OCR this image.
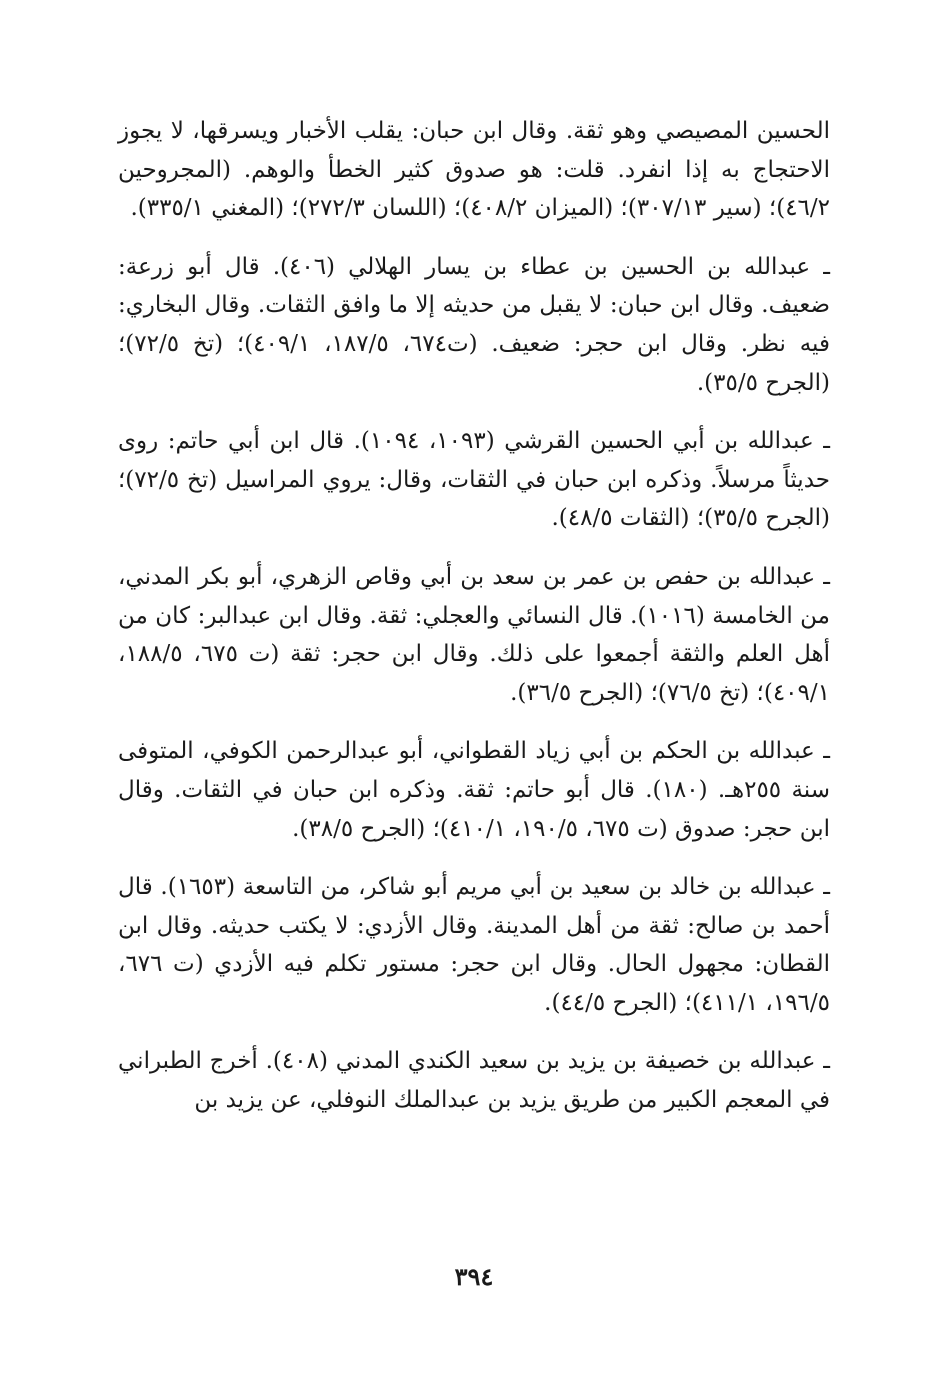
الحسين المصيصي وهو ثقة. وقال ابن حبان: يقلب الأخبار ويسرقها، لا يجوز الاحتجاج به إذا انفرد. قلت: هو صدوق كثير الخطأ والوهم. (المجروحين ٤٦/٢)؛ (سير ٣٠٧/١٣)؛ (الميزان ٤٠٨/٢)؛ (اللسان ٢٧٢/٣)؛ (المغني ٣٣٥/١).

ـ عبدالله بن الحسين بن عطاء بن يسار الهلالي (٤٠٦). قال أبو زرعة: ضعيف. وقال ابن حبان: لا يقبل من حديثه إلا ما وافق الثقات. وقال البخاري: فيه نظر. وقال ابن حجر: ضعيف. (ت٦٧٤، ١٨٧/٥، ٤٠٩/١)؛ (تخ ٧٢/٥)؛ (الجرح ٣٥/٥).

ـ عبدالله بن أبي الحسين القرشي (١٠٩٣، ١٠٩٤). قال ابن أبي حاتم: روى حديثاً مرسلاً. وذكره ابن حبان في الثقات، وقال: يروي المراسيل (تخ ٧٢/٥)؛ (الجرح ٣٥/٥)؛ (الثقات ٤٨/٥).

ـ عبدالله بن حفص بن عمر بن سعد بن أبي وقاص الزهري، أبو بكر المدني، من الخامسة (١٠١٦). قال النسائي والعجلي: ثقة. وقال ابن عبدالبر: كان من أهل العلم والثقة أجمعوا على ذلك. وقال ابن حجر: ثقة (ت ٦٧٥، ١٨٨/٥، ٤٠٩/١)؛ (تخ ٧٦/٥)؛ (الجرح ٣٦/٥).

ـ عبدالله بن الحكم بن أبي زياد القطواني، أبو عبدالرحمن الكوفي، المتوفى سنة ٢٥٥هـ. (١٨٠). قال أبو حاتم: ثقة. وذكره ابن حبان في الثقات. وقال ابن حجر: صدوق (ت ٦٧٥، ١٩٠/٥، ٤١٠/١)؛ (الجرح ٣٨/٥).

ـ عبدالله بن خالد بن سعيد بن أبي مريم أبو شاكر، من التاسعة (١٦٥٣). قال أحمد بن صالح: ثقة من أهل المدينة. وقال الأزدي: لا يكتب حديثه. وقال ابن القطان: مجهول الحال. وقال ابن حجر: مستور تكلم فيه الأزدي (ت ٦٧٦، ١٩٦/٥، ٤١١/١)؛ (الجرح ٤٤/٥).

ـ عبدالله بن خصيفة بن يزيد بن سعيد الكندي المدني (٤٠٨). أخرج الطبراني في المعجم الكبير من طريق يزيد بن عبدالملك النوفلي، عن يزيد بن

٣٩٤
